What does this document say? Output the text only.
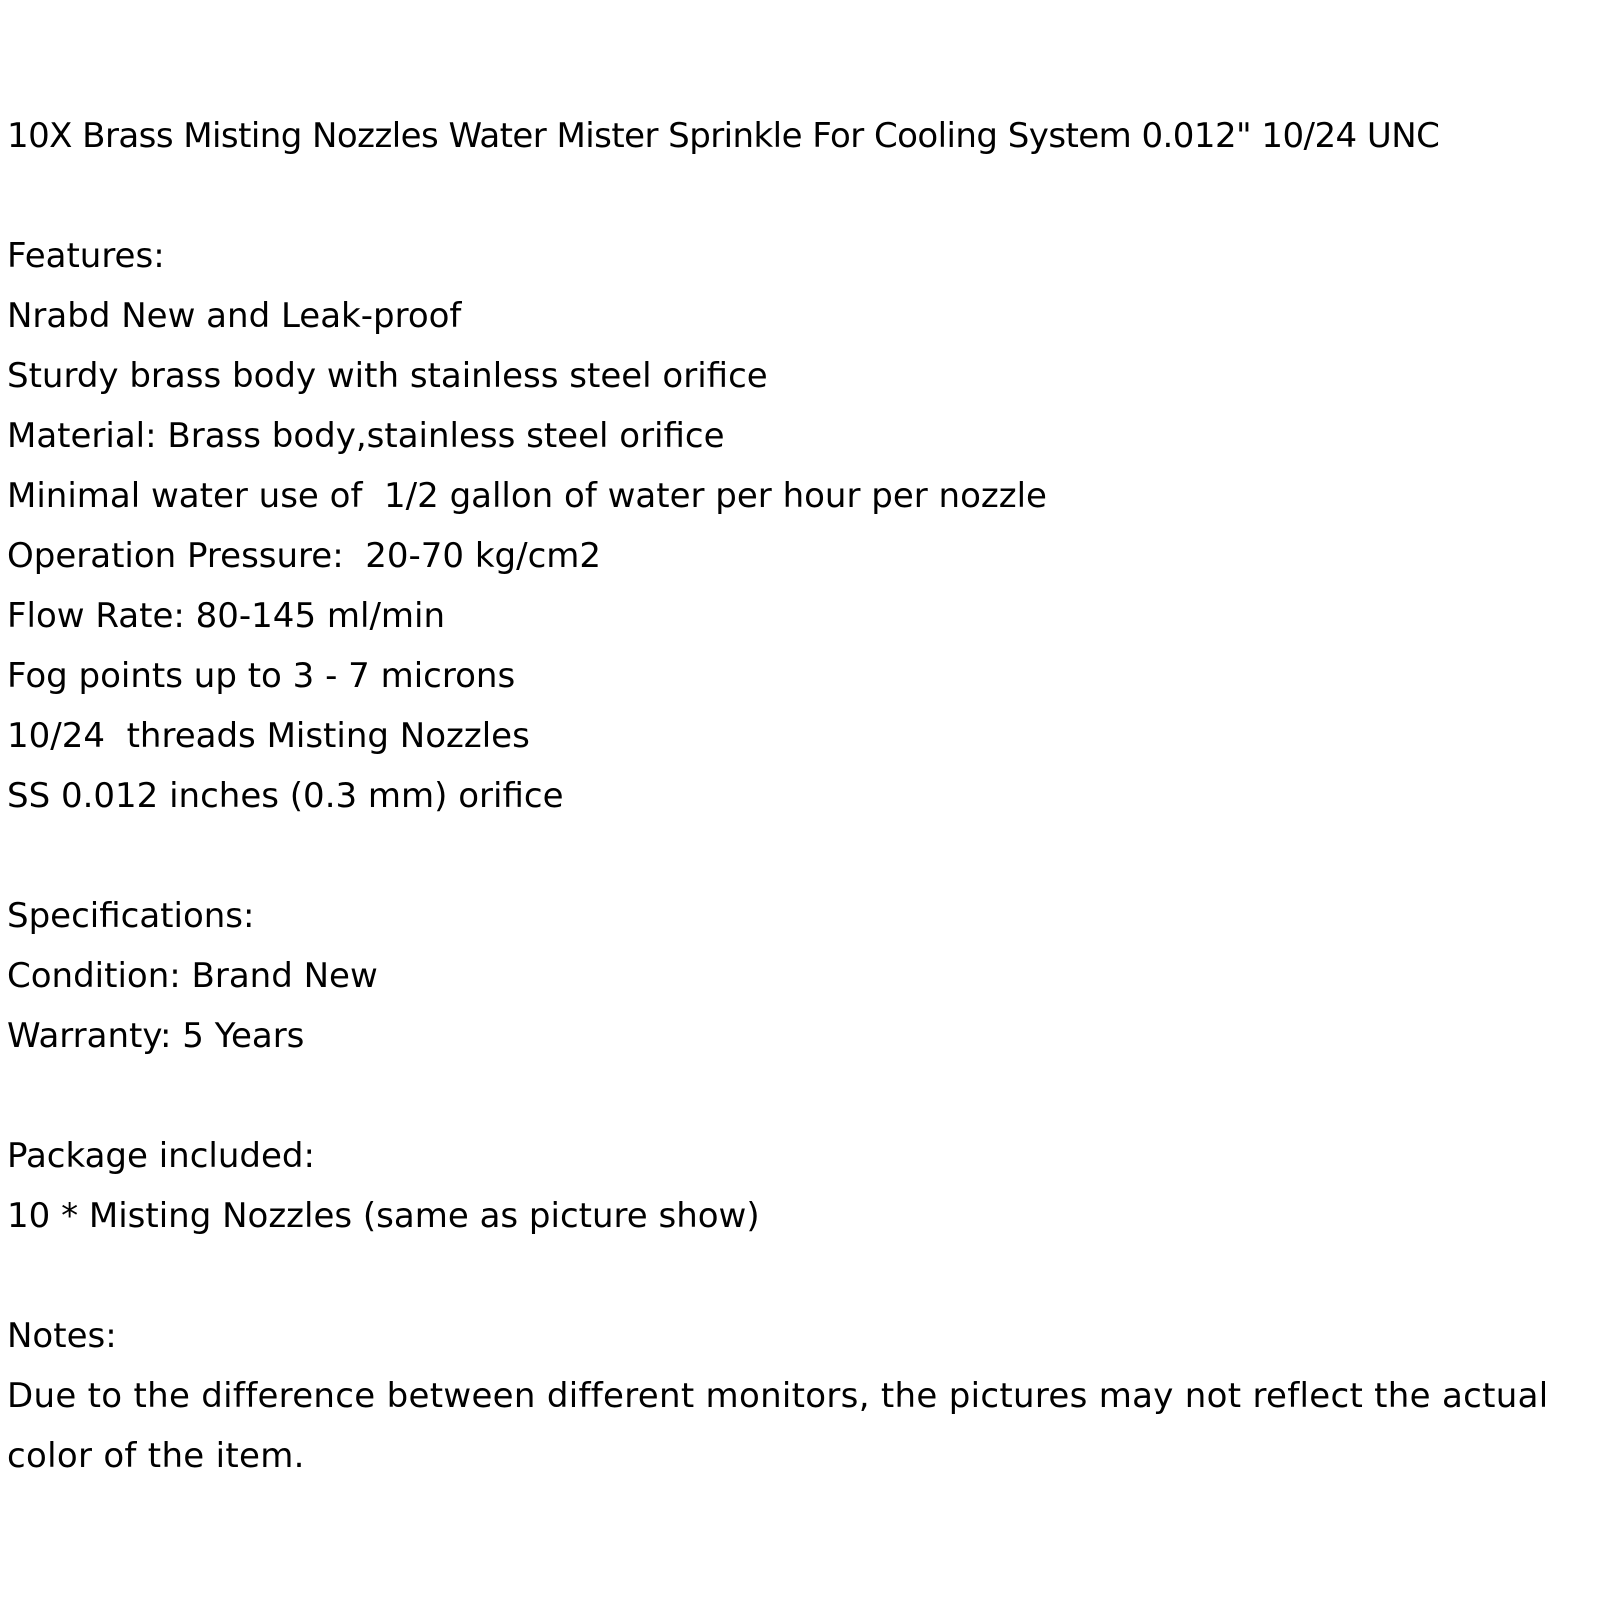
10X Brass Misting Nozzles Water Mister Sprinkle For Cooling System 0.012" 10/24 UNC
Features:
Nrabd New and Leak-proof
Sturdy brass body with stainless steel orifice
Material: Brass body,stainless steel orifice
Minimal water use of  1/2 gallon of water per hour per nozzle
Operation Pressure:  20-70 kg/cm2
Flow Rate: 80-145 ml/min
Fog points up to 3 - 7 microns
10/24  threads Misting Nozzles
SS 0.012 inches (0.3 mm) orifice
Specifications:
Condition: Brand New
Warranty: 5 Years
Package included:
10 * Misting Nozzles (same as picture show)
Notes:
Due to the difference between different monitors, the pictures may not reflect the actual color of the item.
